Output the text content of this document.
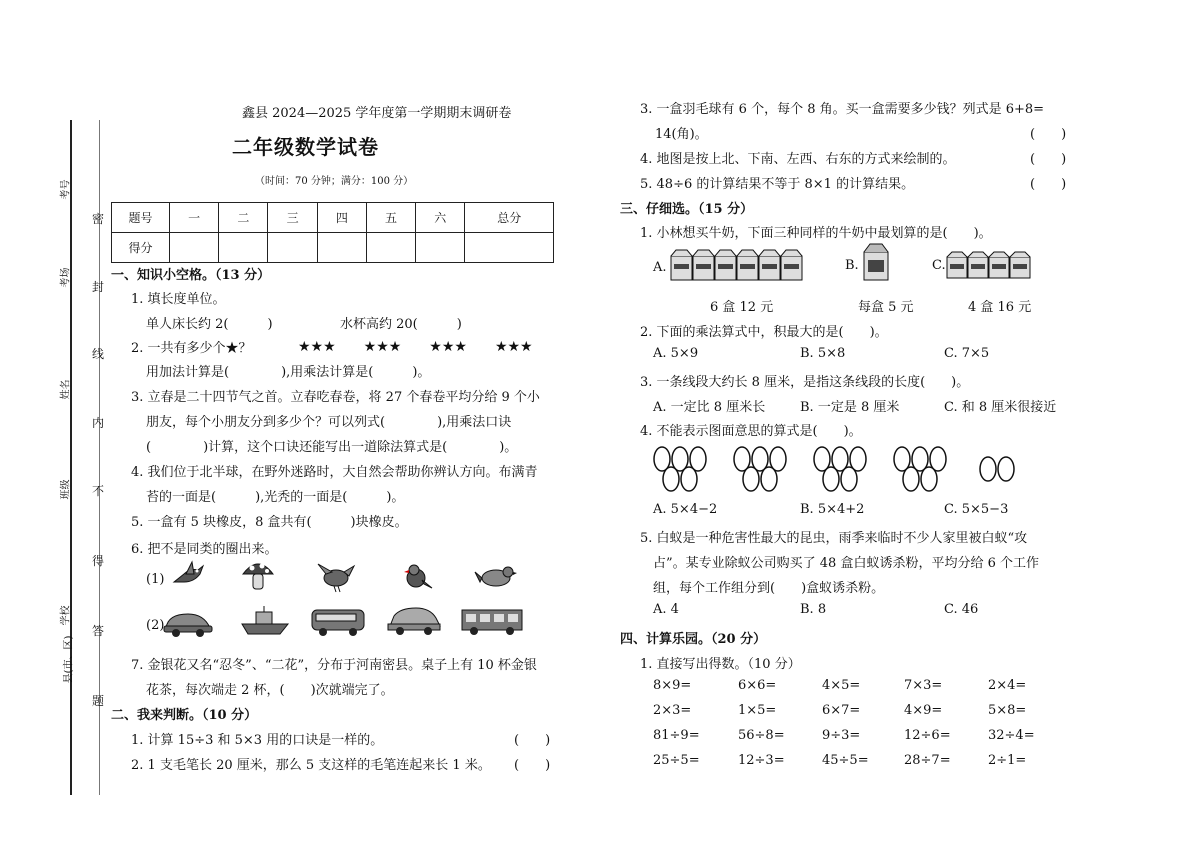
考号
考场
姓名
班级
学校
县(市、区)
密
封
线
内
不
得
答
题
鑫县 2024—2025 学年度第一学期期末调研卷
二年级数学试卷
（时间：70 分钟；满分：100 分）
题号	一	二	三	四	五	六	总分
得分							
一、知识小空格。（13 分）
1. 填长度单位。
单人床长约 2(　　　)	水杯高约 20(　　　)
2. 一共有多少个★？	★★★　　★★★　　★★★　　★★★
用加法计算是(　　　　),用乘法计算是(　　　)。
3. 立春是二十四节气之首。立春吃春卷，将 27 个春卷平均分给 9 个小
朋友，每个小朋友分到多少个？可以列式(　　　　),用乘法口诀
(　　　　)计算，这个口诀还能写出一道除法算式是(　　　　)。
4. 我们位于北半球，在野外迷路时，大自然会帮助你辨认方向。布满青
苔的一面是(　　　),光秃的一面是(　　　)。
5. 一盒有 5 块橡皮，8 盒共有(　　　)块橡皮。
6. 把不是同类的圈出来。
(1)
(2)
7. 金银花又名“忍冬”、“二花”，分布于河南密县。桌子上有 10 杯金银
花茶，每次端走 2 杯，(　　)次就端完了。
二、我来判断。（10 分）
1. 计算 15÷3 和 5×3 用的口诀是一样的。	(　　)
2. 1 支毛笔长 20 厘米，那么 5 支这样的毛笔连起来长 1 米。 (　　)
3. 一盒羽毛球有 6 个，每个 8 角。买一盒需要多少钱？列式是 6+8=
14(角)。	(　　)
4. 地图是按上北、下南、左西、右东的方式来绘制的。	(　　)
5. 48÷6 的计算结果不等于 8×1 的计算结果。	(　　)
三、仔细选。（15 分）
1. 小林想买牛奶，下面三种同样的牛奶中最划算的是(　　)。
A.	B.	C.
6 盒 12 元	每盒 5 元	4 盒 16 元
2. 下面的乘法算式中，积最大的是(　　)。
A. 5×9	B. 5×8	C. 7×5
3. 一条线段大约长 8 厘米，是指这条线段的长度(　　)。
A. 一定比 8 厘米长	B. 一定是 8 厘米	C. 和 8 厘米很接近
4. 不能表示图面意思的算式是(　　)。
A. 5×4−2	B. 5×4+2	C. 5×5−3
5. 白蚁是一种危害性最大的昆虫，雨季来临时不少人家里被白蚁“攻
占”。某专业除蚁公司购买了 48 盒白蚁诱杀粉，平均分给 6 个工作
组，每个工作组分到(　　)盒蚁诱杀粉。
A. 4	B. 8	C. 46
四、计算乐园。（20 分）
1. 直接写出得数。（10 分）
8×9=	6×6=	4×5=	7×3=	2×4=
2×3=	1×5=	6×7=	4×9=	5×8=
81÷9=	56÷8=	9÷3=	12÷6=	32÷4=
25÷5=	12÷3=	45÷5=	28÷7=	2÷1=
